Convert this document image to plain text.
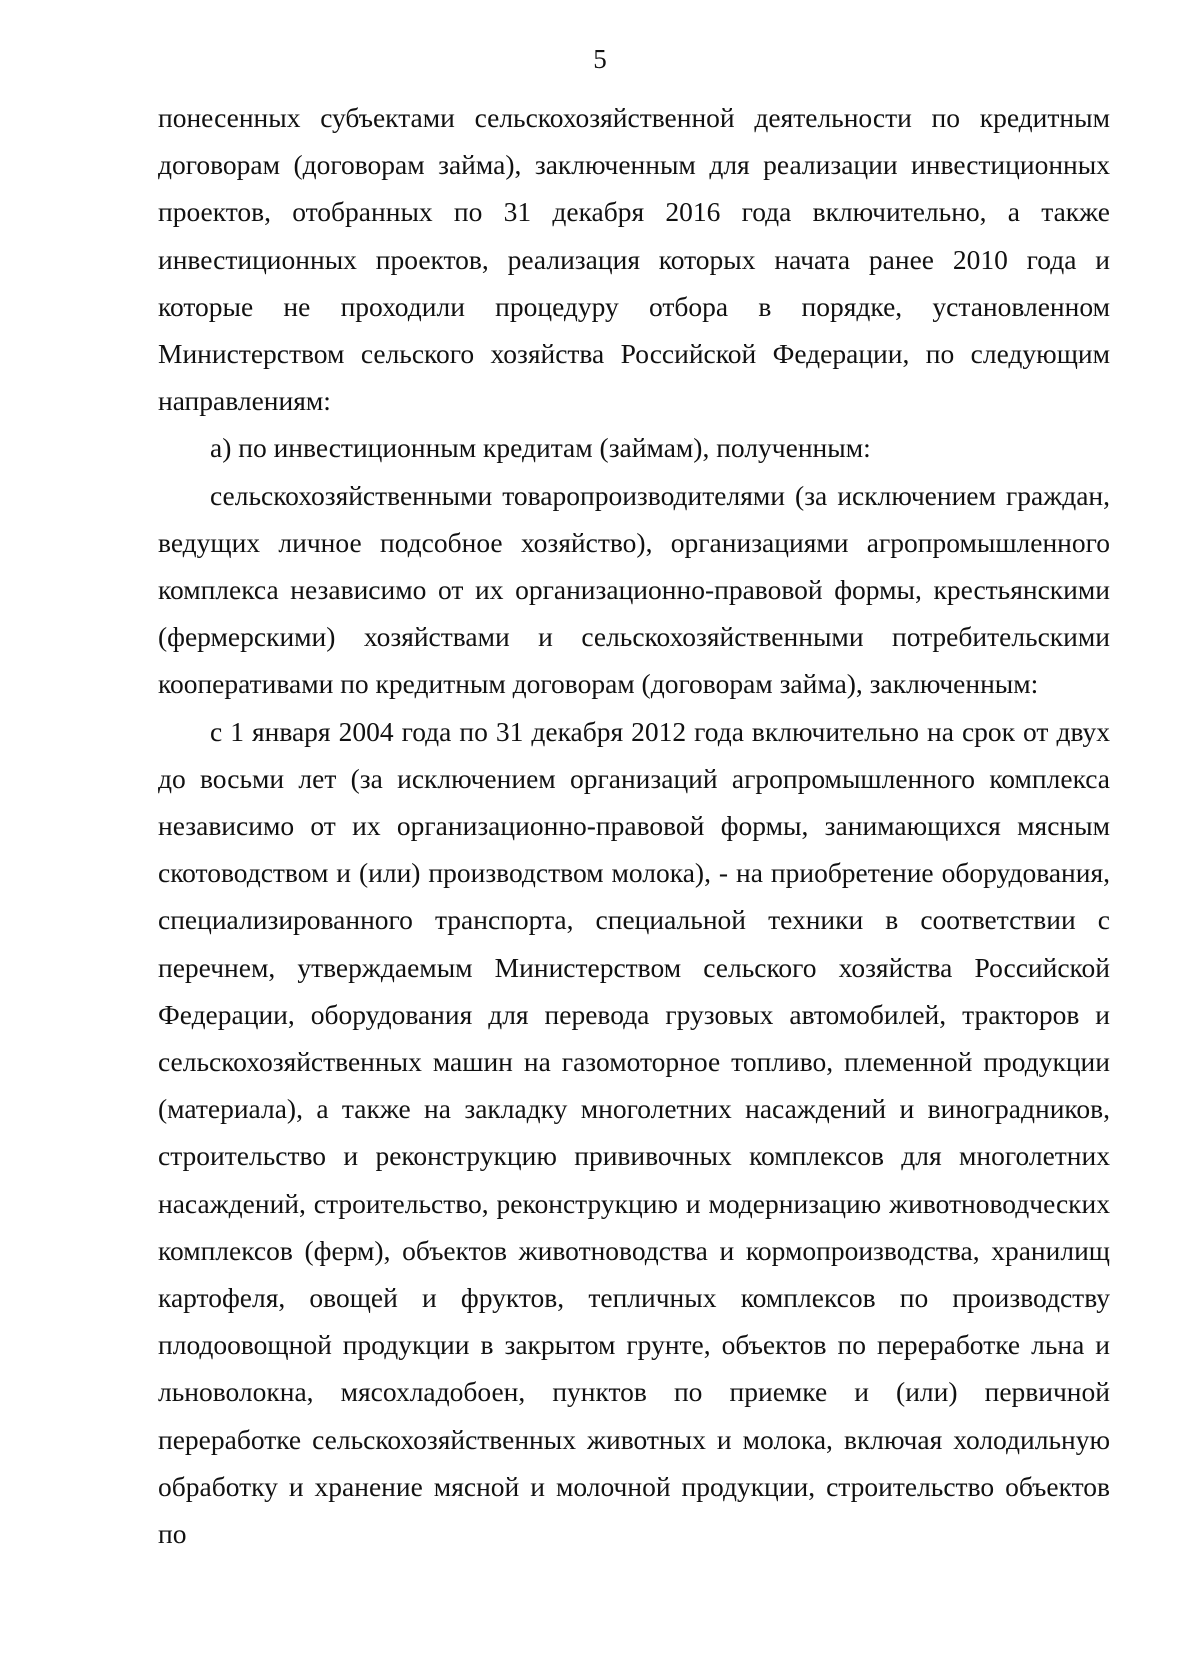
5

понесенных субъектами сельскохозяйственной деятельности по кредитным договорам (договорам займа), заключенным для реализации инвестиционных проектов, отобранных по 31 декабря 2016 года включительно, а также инвестиционных проектов, реализация которых начата ранее 2010 года и которые не проходили процедуру отбора в порядке, установленном Министерством сельского хозяйства Российской Федерации, по следующим направлениям:

а) по инвестиционным кредитам (займам), полученным:

сельскохозяйственными товаропроизводителями (за исключением граждан, ведущих личное подсобное хозяйство), организациями агропромышленного комплекса независимо от их организационно-правовой формы, крестьянскими (фермерскими) хозяйствами и сельскохозяйственными потребительскими кооперативами по кредитным договорам (договорам займа), заключенным:

с 1 января 2004 года по 31 декабря 2012 года включительно на срок от двух до восьми лет (за исключением организаций агропромышленного комплекса независимо от их организационно-правовой формы, занимающихся мясным скотоводством и (или) производством молока), - на приобретение оборудования, специализированного транспорта, специальной техники в соответствии с перечнем, утверждаемым Министерством сельского хозяйства Российской Федерации, оборудования для перевода грузовых автомобилей, тракторов и сельскохозяйственных машин на газомоторное топливо, племенной продукции (материала), а также на закладку многолетних насаждений и виноградников, строительство и реконструкцию прививочных комплексов для многолетних насаждений, строительство, реконструкцию и модернизацию животноводческих комплексов (ферм), объектов животноводства и кормопроизводства, хранилищ картофеля, овощей и фруктов, тепличных комплексов по производству плодоовощной продукции в закрытом грунте, объектов по переработке льна и льноволокна, мясохладобоен, пунктов по приемке и (или) первичной переработке сельскохозяйственных животных и молока, включая холодильную обработку и хранение мясной и молочной продукции, строительство объектов по
